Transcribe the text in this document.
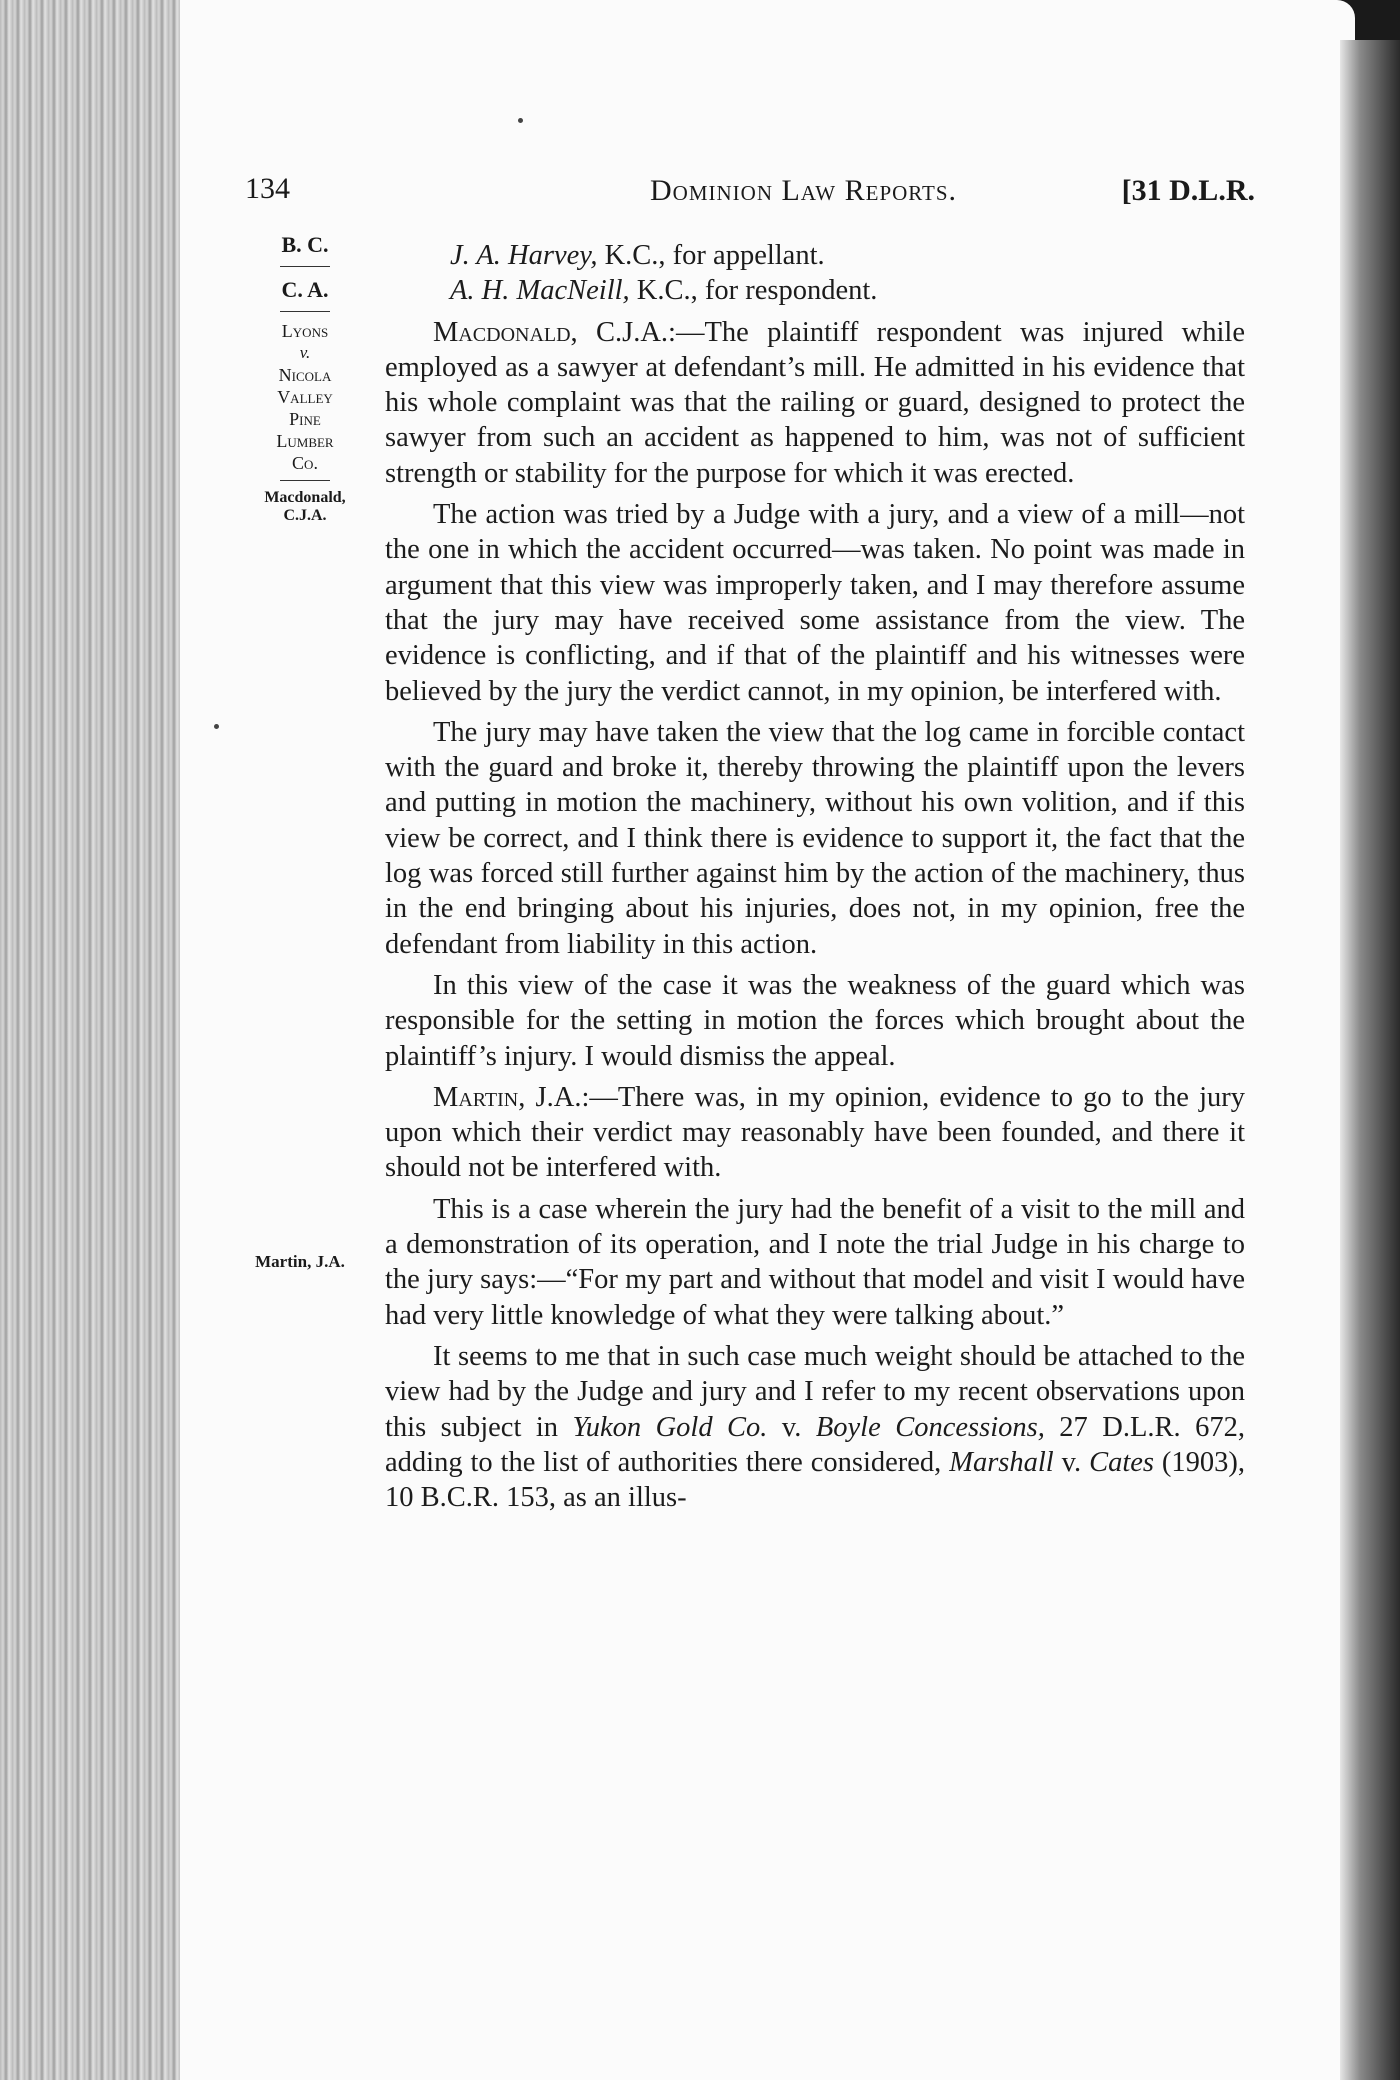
134	Dominion Law Reports.	[31 D.L.R.
B. C.
C. A.
Lyons
v.
Nicola
Valley
Pine
Lumber
Co.
Macdonald,
C.J.A.
Martin, J.A.
J. A. Harvey, K.C., for appellant.
A. H. MacNeill, K.C., for respondent.
Macdonald, C.J.A.:—The plaintiff respondent was injured while employed as a sawyer at defendant’s mill. He admitted in his evidence that his whole complaint was that the railing or guard, designed to protect the sawyer from such an accident as happened to him, was not of sufficient strength or stability for the purpose for which it was erected.
The action was tried by a Judge with a jury, and a view of a mill—not the one in which the accident occurred—was taken. No point was made in argument that this view was improperly taken, and I may therefore assume that the jury may have received some assistance from the view. The evidence is conflicting, and if that of the plaintiff and his witnesses were believed by the jury the verdict cannot, in my opinion, be interfered with.
The jury may have taken the view that the log came in forcible contact with the guard and broke it, thereby throwing the plaintiff upon the levers and putting in motion the machinery, without his own volition, and if this view be correct, and I think there is evidence to support it, the fact that the log was forced still further against him by the action of the machinery, thus in the end bringing about his injuries, does not, in my opinion, free the defendant from liability in this action.
In this view of the case it was the weakness of the guard which was responsible for the setting in motion the forces which brought about the plaintiff’s injury. I would dismiss the appeal.
Martin, J.A.:—There was, in my opinion, evidence to go to the jury upon which their verdict may reasonably have been founded, and there it should not be interfered with.
This is a case wherein the jury had the benefit of a visit to the mill and a demonstration of its operation, and I note the trial Judge in his charge to the jury says:—“For my part and without that model and visit I would have had very little knowledge of what they were talking about.”
It seems to me that in such case much weight should be attached to the view had by the Judge and jury and I refer to my recent observations upon this subject in Yukon Gold Co. v. Boyle Concessions, 27 D.L.R. 672, adding to the list of authorities there considered, Marshall v. Cates (1903), 10 B.C.R. 153, as an illus-
